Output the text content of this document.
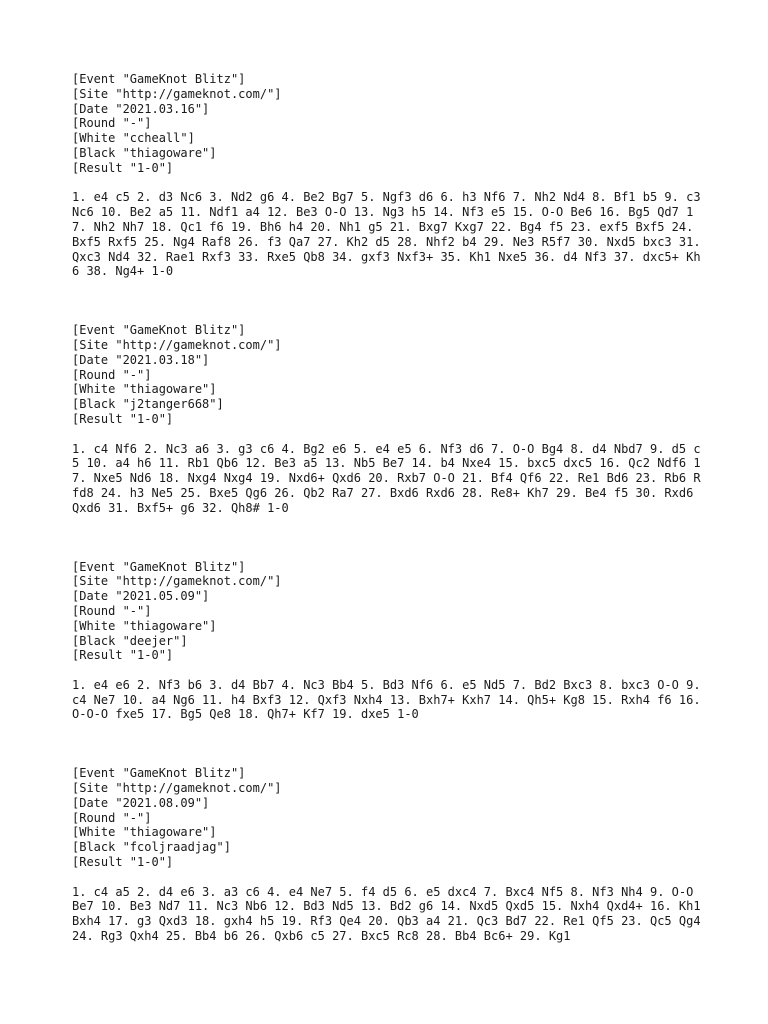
[Event "GameKnot Blitz"]
[Site "http://gameknot.com/"]
[Date "2021.03.16"]
[Round "-"]
[White "ccheall"]
[Black "thiagoware"]
[Result "1-0"]
1. e4 c5 2. d3 Nc6 3. Nd2 g6 4. Be2 Bg7 5. Ngf3 d6 6. h3 Nf6 7. Nh2 Nd4 8. Bf1 b5 9. c3 Nc6 10. Be2 a5 11. Ndf1 a4 12. Be3 O-O 13. Ng3 h5 14. Nf3 e5 15. O-O Be6 16. Bg5 Qd7 17. Nh2 Nh7 18. Qc1 f6 19. Bh6 h4 20. Nh1 g5 21. Bxg7 Kxg7 22. Bg4 f5 23. exf5 Bxf5 24. Bxf5 Rxf5 25. Ng4 Raf8 26. f3 Qa7 27. Kh2 d5 28. Nhf2 b4 29. Ne3 R5f7 30. Nxd5 bxc3 31. Qxc3 Nd4 32. Rae1 Rxf3 33. Rxe5 Qb8 34. gxf3 Nxf3+ 35. Kh1 Nxe5 36. d4 Nf3 37. dxc5+ Kh6 38. Ng4+ 1-0
[Event "GameKnot Blitz"]
[Site "http://gameknot.com/"]
[Date "2021.03.18"]
[Round "-"]
[White "thiagoware"]
[Black "j2tanger668"]
[Result "1-0"]
1. c4 Nf6 2. Nc3 a6 3. g3 c6 4. Bg2 e6 5. e4 e5 6. Nf3 d6 7. O-O Bg4 8. d4 Nbd7 9. d5 c5 10. a4 h6 11. Rb1 Qb6 12. Be3 a5 13. Nb5 Be7 14. b4 Nxe4 15. bxc5 dxc5 16. Qc2 Ndf6 17. Nxe5 Nd6 18. Nxg4 Nxg4 19. Nxd6+ Qxd6 20. Rxb7 O-O 21. Bf4 Qf6 22. Re1 Bd6 23. Rb6 Rfd8 24. h3 Ne5 25. Bxe5 Qg6 26. Qb2 Ra7 27. Bxd6 Rxd6 28. Re8+ Kh7 29. Be4 f5 30. Rxd6 Qxd6 31. Bxf5+ g6 32. Qh8# 1-0
[Event "GameKnot Blitz"]
[Site "http://gameknot.com/"]
[Date "2021.05.09"]
[Round "-"]
[White "thiagoware"]
[Black "deejer"]
[Result "1-0"]
1. e4 e6 2. Nf3 b6 3. d4 Bb7 4. Nc3 Bb4 5. Bd3 Nf6 6. e5 Nd5 7. Bd2 Bxc3 8. bxc3 O-O 9. c4 Ne7 10. a4 Ng6 11. h4 Bxf3 12. Qxf3 Nxh4 13. Bxh7+ Kxh7 14. Qh5+ Kg8 15. Rxh4 f6 16. O-O-O fxe5 17. Bg5 Qe8 18. Qh7+ Kf7 19. dxe5 1-0
[Event "GameKnot Blitz"]
[Site "http://gameknot.com/"]
[Date "2021.08.09"]
[Round "-"]
[White "thiagoware"]
[Black "fcoljraadjag"]
[Result "1-0"]
1. c4 a5 2. d4 e6 3. a3 c6 4. e4 Ne7 5. f4 d5 6. e5 dxc4 7. Bxc4 Nf5 8. Nf3 Nh4 9. O-O Be7 10. Be3 Nd7 11. Nc3 Nb6 12. Bd3 Nd5 13. Bd2 g6 14. Nxd5 Qxd5 15. Nxh4 Qxd4+ 16. Kh1 Bxh4 17. g3 Qxd3 18. gxh4 h5 19. Rf3 Qe4 20. Qb3 a4 21. Qc3 Bd7 22. Re1 Qf5 23. Qc5 Qg4 24. Rg3 Qxh4 25. Bb4 b6 26. Qxb6 c5 27. Bxc5 Rc8 28. Bb4 Bc6+ 29. Kg1
